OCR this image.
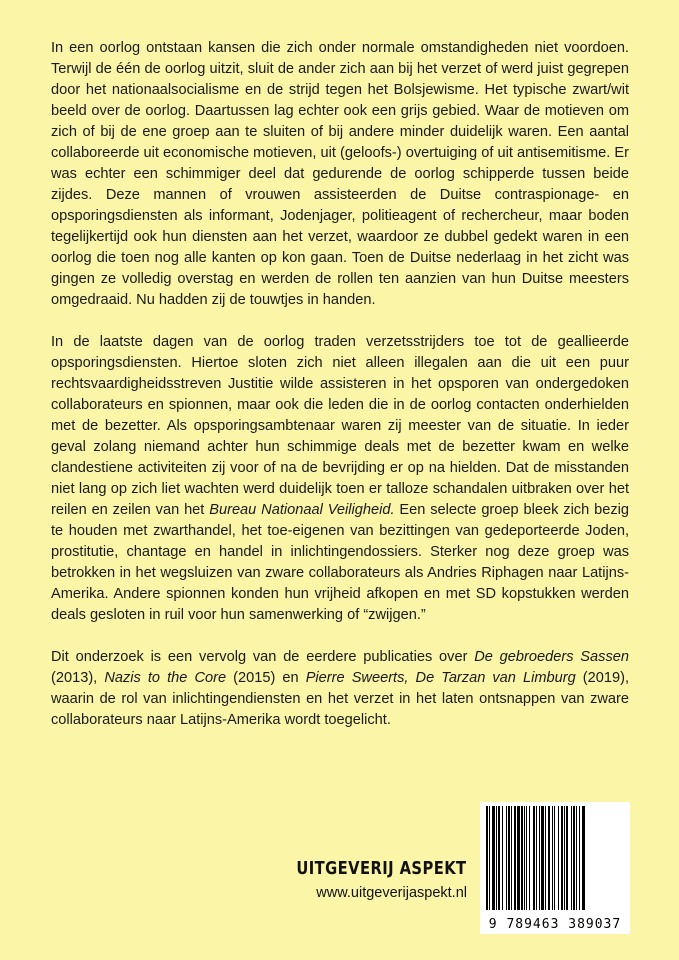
In een oorlog ontstaan kansen die zich onder normale omstandigheden niet voordoen. Terwijl de één de oorlog uitzit, sluit de ander zich aan bij het verzet of werd juist gegrepen door het nationaalsocialisme en de strijd tegen het Bolsjewisme. Het typische zwart/wit beeld over de oorlog. Daartussen lag echter ook een grijs gebied. Waar de motieven om zich of bij de ene groep aan te sluiten of bij andere minder duidelijk waren. Een aantal collaboreerde uit economische motieven, uit (geloofs-) overtuiging of uit antisemitisme. Er was echter een schimmiger deel dat gedurende de oorlog schipperde tussen beide zijdes. Deze mannen of vrouwen assisteerden de Duitse contraspionage- en opsporingsdiensten als informant, Jodenjager, politieagent of rechercheur, maar boden tegelijkertijd ook hun diensten aan het verzet, waardoor ze dubbel gedekt waren in een oorlog die toen nog alle kanten op kon gaan. Toen de Duitse nederlaag in het zicht was gingen ze volledig overstag en werden de rollen ten aanzien van hun Duitse meesters omgedraaid. Nu hadden zij de touwtjes in handen.

In de laatste dagen van de oorlog traden verzetsstrijders toe tot de geallieerde opsporingsdiensten. Hiertoe sloten zich niet alleen illegalen aan die uit een puur rechtsvaardigheidsstreven Justitie wilde assisteren in het opsporen van ondergedoken collaborateurs en spionnen, maar ook die leden die in de oorlog contacten onderhielden met de bezetter. Als opsporingsambtenaar waren zij meester van de situatie. In ieder geval zolang niemand achter hun schimmige deals met de bezetter kwam en welke clandestiene activiteiten zij voor of na de bevrijding er op na hielden. Dat de misstanden niet lang op zich liet wachten werd duidelijk toen er talloze schandalen uitbraken over het reilen en zeilen van het Bureau Nationaal Veiligheid. Een selecte groep bleek zich bezig te houden met zwarthandel, het toe-eigenen van bezittingen van gedeporteerde Joden, prostitutie, chantage en handel in inlichtingendossiers. Sterker nog deze groep was betrokken in het wegsluizen van zware collaborateurs als Andries Riphagen naar Latijns-Amerika. Andere spionnen konden hun vrijheid afkopen en met SD kopstukken werden deals gesloten in ruil voor hun samenwerking of “zwijgen.”

Dit onderzoek is een vervolg van de eerdere publicaties over De gebroeders Sassen (2013), Nazis to the Core (2015) en Pierre Sweerts, De Tarzan van Limburg (2019), waarin de rol van inlichtingendiensten en het verzet in het laten ontsnappen van zware collaborateurs naar Latijns-Amerika wordt toegelicht.

UITGEVERIJ ASPEKT
www.uitgeverijaspekt.nl
9 789463 389037
